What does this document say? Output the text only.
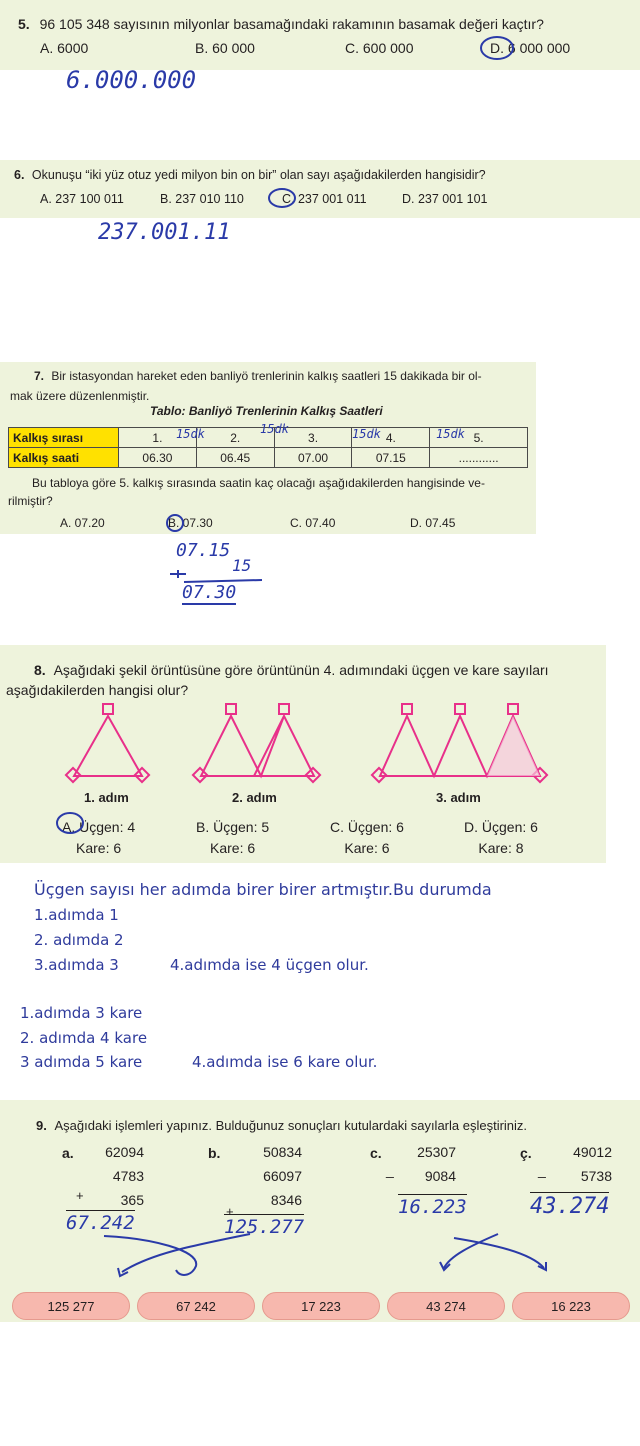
5. 96 105 348 sayısının milyonlar basamağındaki rakamının basamak değeri kaçtır?
A. 6000	B. 60 000	C. 600 000	D. 6 000 000
6.000.000
6. Okunuşu “iki yüz otuz yedi milyon bin on bir” olan sayı aşağıdakilerden hangisidir?
A. 237 100 011	B. 237 010 110	C. 237 001 011	D. 237 001 101
237.001.11
7. Bir istasyondan hareket eden banliyö trenlerinin kalkış saatleri 15 dakikada bir ol-
mak üzere düzenlenmiştir.
Tablo: Banliyö Trenlerinin Kalkış Saatleri
Kalkış sırası	1.	2.	3.	4.	5.
Kalkış saati	06.30	06.45	07.00	07.15	............
15dk	15dk	15dk	15dk
Bu tabloya göre 5. kalkış sırasında saatin kaç olacağı aşağıdakilerden hangisinde ve-
rilmiştir?
A. 07.20	B. 07.30	C. 07.40	D. 07.45
07.15
15
07.30
8. Aşağıdaki şekil örüntüsüne göre örüntünün 4. adımındaki üçgen ve kare sayıları
aşağıdakilerden hangisi olur?
1. adım	2. adım	3. adım
A. Üçgen: 4
Kare: 6
B. Üçgen: 5
Kare: 6
C. Üçgen: 6
Kare: 6
D. Üçgen: 6
Kare: 8
Üçgen sayısı her adımda birer birer artmıştır.Bu durumda
1.adımda 1
2. adımda 2
3.adımda 3	4.adımda ise 4 üçgen olur.
1.adımda 3 kare
2. adımda 4 kare
3 adımda 5 kare	4.adımda ise 6 kare olur.
9. Aşağıdaki işlemleri yapınız. Bulduğunuz sonuçları kutulardaki sayılarla eşleştiriniz.
a.	62094
4783
365
+
67.242
b.	50834
66097
8346
+
125.277
c.	25307
9084
_
16.223
ç.	49012
5738
_
43.274
125 277	67 242	17 223	43 274	16 223
